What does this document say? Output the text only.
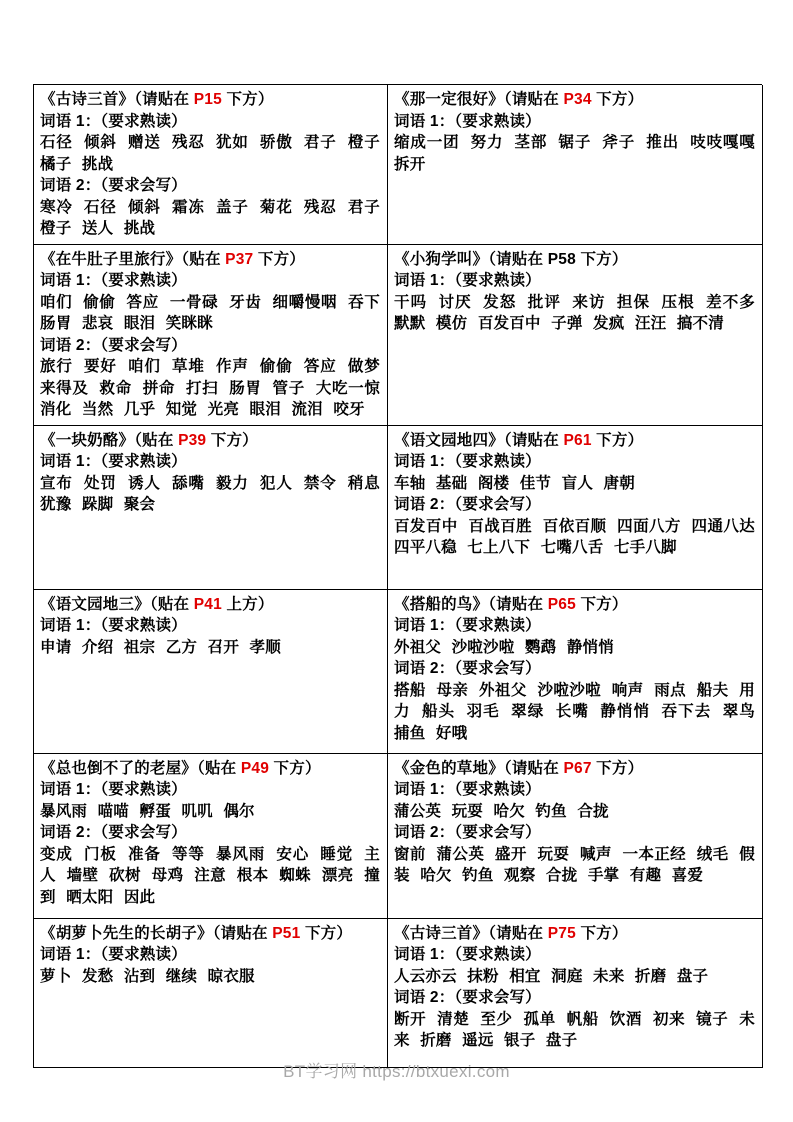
《古诗三首》（请贴在 P15 下方）
词语 1：（要求熟读）
石径 倾斜 赠送 残忍 犹如 骄傲 君子 橙子 橘子 挑战
词语 2：（要求会写）
寒冷 石径 倾斜 霜冻 盖子 菊花 残忍 君子 橙子 送人 挑战
《那一定很好》（请贴在 P34 下方）
词语 1：（要求熟读）
缩成一团 努力 茎部 锯子 斧子 推出 吱吱嘎嘎 拆开
《在牛肚子里旅行》（贴在 P37 下方）
词语 1：（要求熟读）
咱们 偷偷 答应 一骨碌 牙齿 细嚼慢咽 吞下 肠胃 悲哀 眼泪 笑眯眯
词语 2：（要求会写）
旅行 要好 咱们 草堆 作声 偷偷 答应 做梦 来得及 救命 拼命 打扫 肠胃 管子 大吃一惊 消化 当然 几乎 知觉 光亮 眼泪 流泪 咬牙
《小狗学叫》（请贴在 P58 下方）
词语 1：（要求熟读）
干吗 讨厌 发怒 批评 来访 担保 压根 差不多 默默 模仿 百发百中 子弹 发疯 汪汪 搞不清
《一块奶酪》（贴在 P39 下方）
词语 1：（要求熟读）
宣布 处罚 诱人 舔嘴 毅力 犯人 禁令 稍息 犹豫 跺脚 聚会
《语文园地四》（请贴在 P61 下方）
词语 1：（要求熟读）
车轴 基础 阁楼 佳节 盲人 唐朝
词语 2：（要求会写）
百发百中 百战百胜 百依百顺 四面八方 四通八达 四平八稳 七上八下 七嘴八舌 七手八脚
《语文园地三》（贴在 P41 上方）
词语 1：（要求熟读）
申请 介绍 祖宗 乙方 召开 孝顺
《搭船的鸟》（请贴在 P65 下方）
词语 1：（要求熟读）
外祖父 沙啦沙啦 鹦鹉 静悄悄
词语 2：（要求会写）
搭船 母亲 外祖父 沙啦沙啦 响声 雨点 船夫 用力 船头 羽毛 翠绿 长嘴 静悄悄 吞下去 翠鸟 捕鱼 好哦
《总也倒不了的老屋》（贴在 P49 下方）
词语 1：（要求熟读）
暴风雨 喵喵 孵蛋 叽叽 偶尔
词语 2：（要求会写）
变成 门板 准备 等等 暴风雨 安心 睡觉 主人 墙壁 砍树 母鸡 注意 根本 蜘蛛 漂亮 撞到 晒太阳 因此
《金色的草地》（请贴在 P67 下方）
词语 1：（要求熟读）
蒲公英 玩耍 哈欠 钓鱼 合拢
词语 2：（要求会写）
窗前 蒲公英 盛开 玩耍 喊声 一本正经 绒毛 假装 哈欠 钓鱼 观察 合拢 手掌 有趣 喜爱
《胡萝卜先生的长胡子》（请贴在 P51 下方）
词语 1：（要求熟读）
萝卜 发愁 沾到 继续 晾衣服
《古诗三首》（请贴在 P75 下方）
词语 1：（要求熟读）
人云亦云 抹粉 相宜 洞庭 未来 折磨 盘子
词语 2：（要求会写）
断开 清楚 至少 孤单 帆船 饮酒 初来 镜子 未来 折磨 遥远 银子 盘子
BT学习网 https://btxuexi.com
